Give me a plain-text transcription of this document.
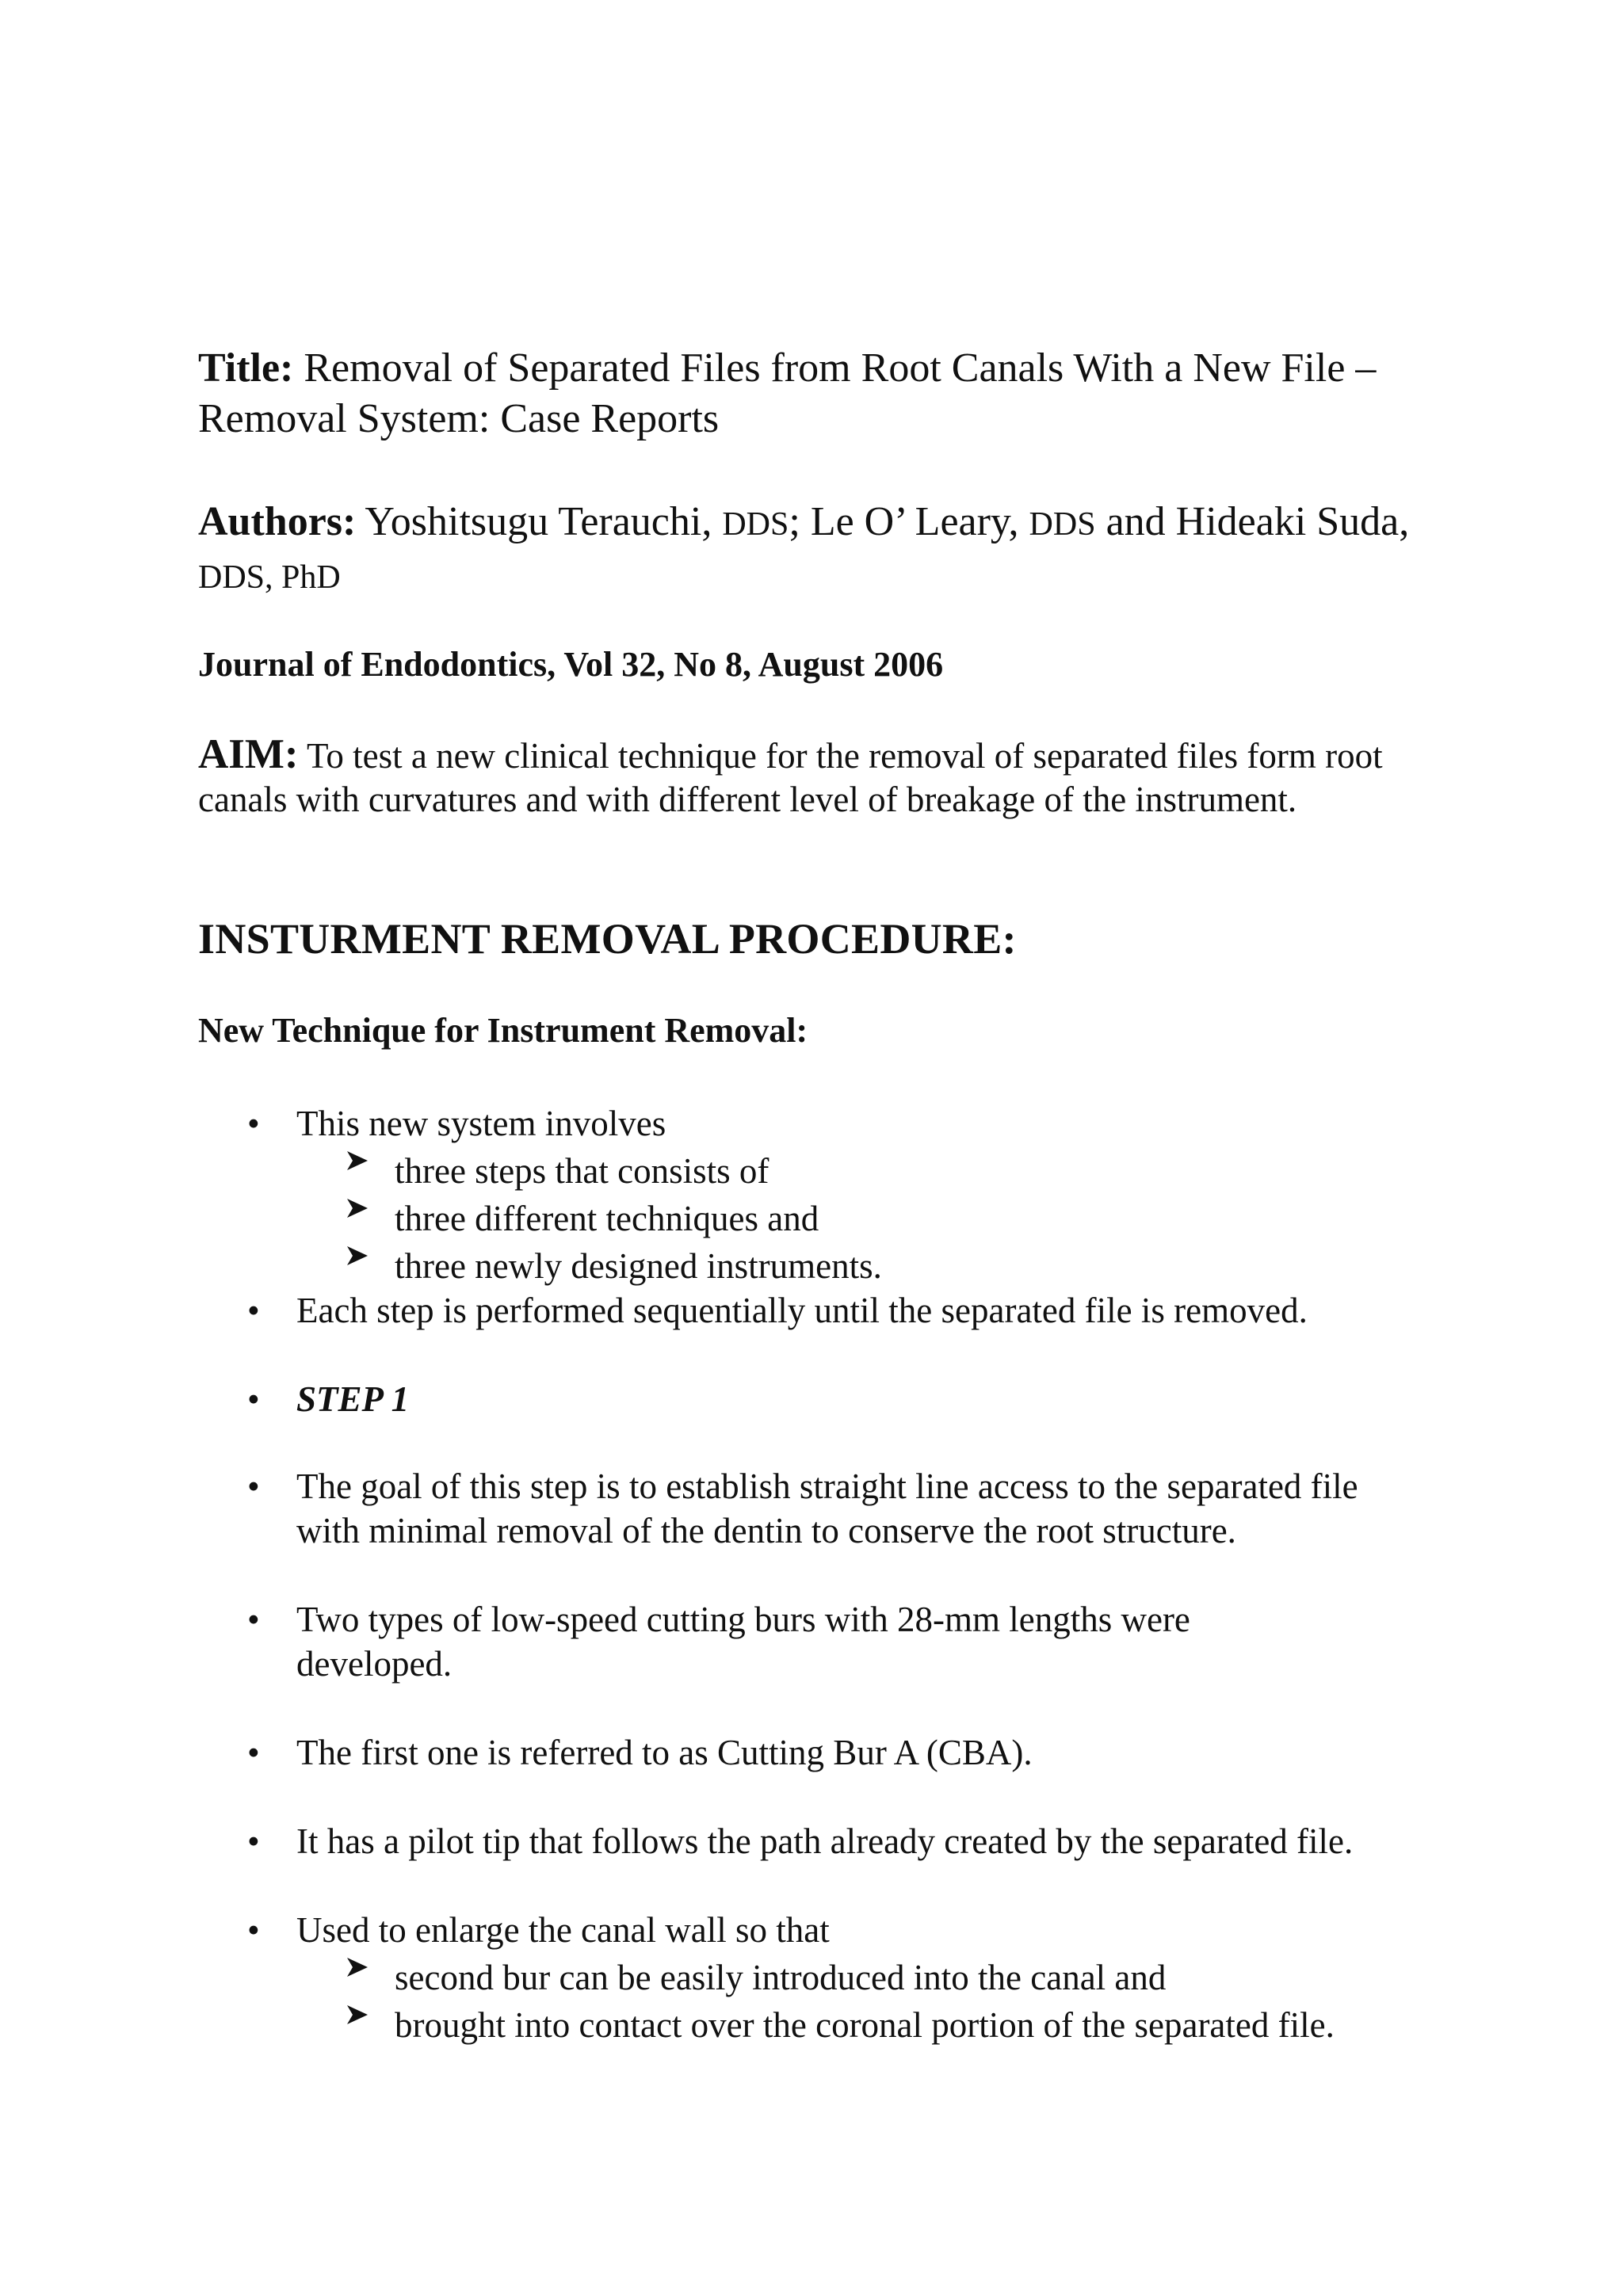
Title: Removal of Separated Files from Root Canals With a New File – Removal System: Case Reports

Authors: Yoshitsugu Terauchi, DDS; Le O’ Leary, DDS and Hideaki Suda, DDS, PhD

Journal of Endodontics, Vol 32, No 8, August 2006

AIM: To test a new clinical technique for the removal of separated files form root canals with curvatures and with different level of breakage of the instrument.

INSTURMENT REMOVAL PROCEDURE:

New Technique for Instrument Removal:

•	This new system involves
three steps that consists of
three different techniques and
three newly designed instruments.
•	Each step is performed sequentially until the separated file is removed.
•	STEP 1
•	The goal of this step is to establish straight line access to the separated file with minimal removal of the dentin to conserve the root structure.
•	Two types of low-speed cutting burs with 28-mm lengths were developed.
•	The first one is referred to as Cutting Bur A (CBA).
•	It has a pilot tip that follows the path already created by the separated file.
•	Used to enlarge the canal wall so that
second bur can be easily introduced into the canal and
brought into contact over the coronal portion of the separated file.
